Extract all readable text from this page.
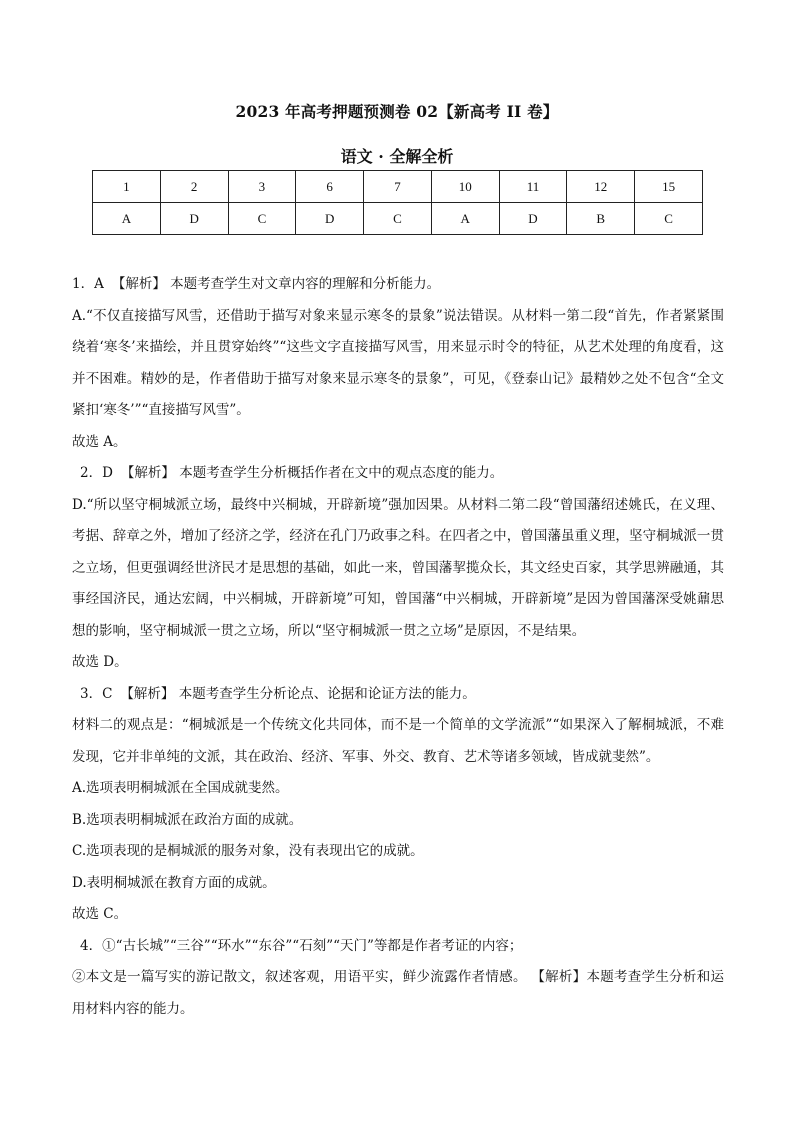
2023 年高考押题预测卷 02【新高考 II 卷】
语文 · 全解全析
1	2	3	6	7	10	11	12	15
A	D	C	D	C	A	D	B	C

1．A 【解析】 本题考查学生对文章内容的理解和分析能力。

A.“不仅直接描写风雪，还借助于描写对象来显示寒冬的景象”说法错误。从材料一第二段“首先，作者紧紧围绕着‘寒冬’来描绘，并且贯穿始终”“这些文字直接描写风雪，用来显示时令的特征，从艺术处理的角度看，这并不困难。精妙的是，作者借助于描写对象来显示寒冬的景象”，可见，《登泰山记》最精妙之处不包含“全文紧扣‘寒冬’”“直接描写风雪”。

故选 A。

2．D 【解析】 本题考查学生分析概括作者在文中的观点态度的能力。

D.“所以坚守桐城派立场，最终中兴桐城，开辟新境”强加因果。从材料二第二段“曾国藩绍述姚氏，在义理、考据、辞章之外，增加了经济之学，经济在孔门乃政事之科。在四者之中，曾国藩虽重义理，坚守桐城派一贯之立场，但更强调经世济民才是思想的基础，如此一来，曾国藩挈揽众长，其文经史百家，其学思辨融通，其事经国济民，通达宏阔，中兴桐城，开辟新境”可知，曾国藩“中兴桐城，开辟新境”是因为曾国藩深受姚鼐思想的影响，坚守桐城派一贯之立场，所以“坚守桐城派一贯之立场”是原因，不是结果。

故选 D。

3．C 【解析】 本题考查学生分析论点、论据和论证方法的能力。

材料二的观点是：“桐城派是一个传统文化共同体，而不是一个简单的文学流派”“如果深入了解桐城派，不难发现，它并非单纯的文派，其在政治、经济、军事、外交、教育、艺术等诸多领域，皆成就斐然”。

A.选项表明桐城派在全国成就斐然。

B.选项表明桐城派在政治方面的成就。

C.选项表现的是桐城派的服务对象，没有表现出它的成就。

D.表明桐城派在教育方面的成就。

故选 C。

4．①“古长城”“三谷”“环水”“东谷”“石刻”“天门”等都是作者考证的内容；

②本文是一篇写实的游记散文，叙述客观，用语平实，鲜少流露作者情感。 【解析】本题考查学生分析和运用材料内容的能力。
